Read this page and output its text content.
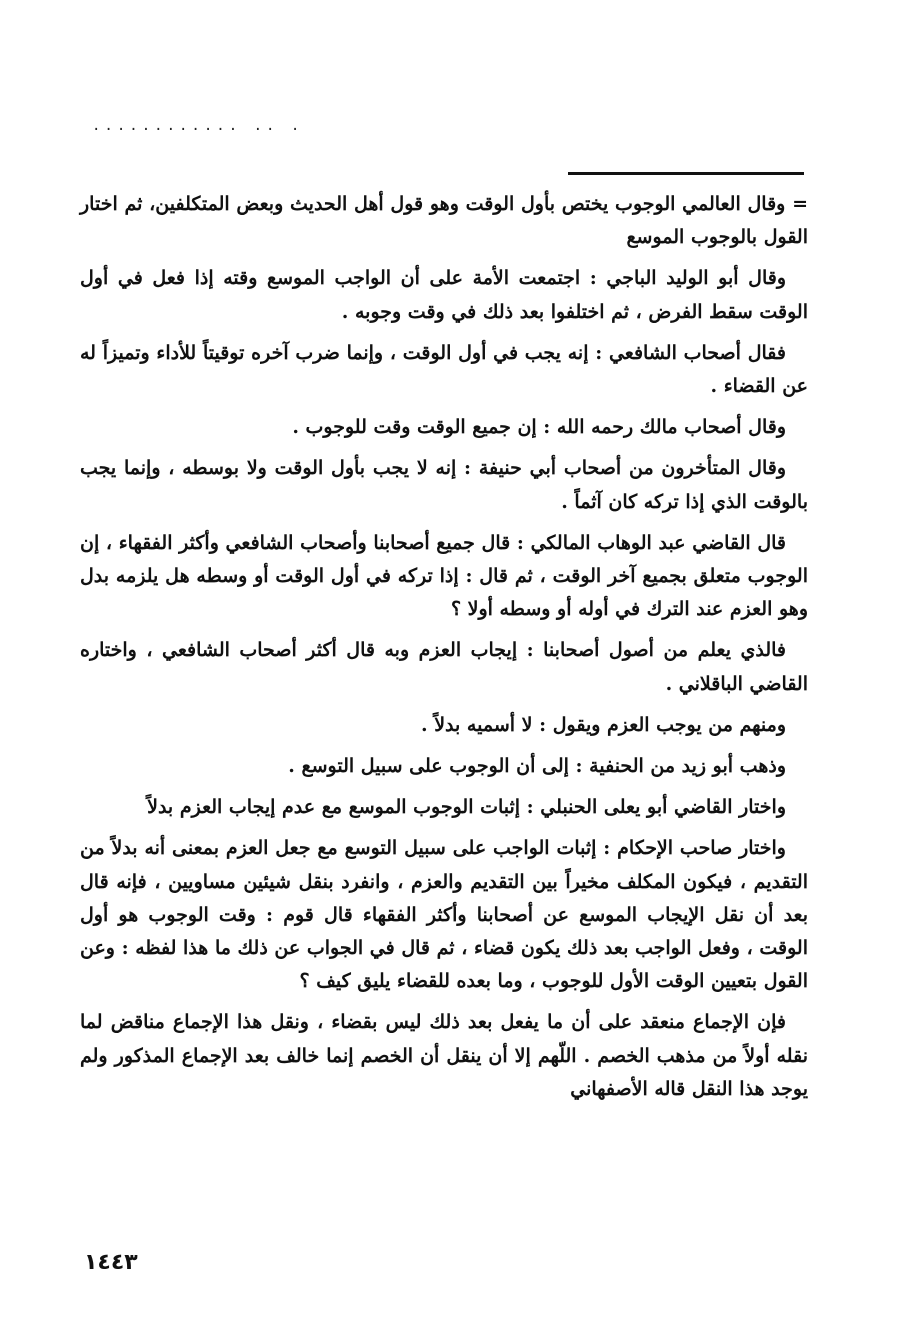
............ .. .

= وقال العالمي الوجوب يختص بأول الوقت وهو قول أهل الحديث وبعض المتكلفين، ثم اختار القول بالوجوب الموسع

وقال أبو الوليد الباجي : اجتمعت الأمة على أن الواجب الموسع وقته إذا فعل في أول الوقت سقط الفرض ، ثم اختلفوا بعد ذلك في وقت وجوبه .

فقال أصحاب الشافعي : إنه يجب في أول الوقت ، وإنما ضرب آخره توقيتاً للأداء وتميزاً له عن القضاء .

وقال أصحاب مالك رحمه الله : إن جميع الوقت وقت للوجوب .

وقال المتأخرون من أصحاب أبي حنيفة : إنه لا يجب بأول الوقت ولا بوسطه ، وإنما يجب بالوقت الذي إذا تركه كان آثماً .

قال القاضي عبد الوهاب المالكي : قال جميع أصحابنا وأصحاب الشافعي وأكثر الفقهاء ، إن الوجوب متعلق بجميع آخر الوقت ، ثم قال : إذا تركه في أول الوقت أو وسطه هل يلزمه بدل وهو العزم عند الترك في أوله أو وسطه أولا ؟

فالذي يعلم من أصول أصحابنا : إيجاب العزم وبه قال أكثر أصحاب الشافعي ، واختاره القاضي الباقلاني .

ومنهم من يوجب العزم ويقول : لا أسميه بدلاً .

وذهب أبو زيد من الحنفية : إلى أن الوجوب على سبيل التوسع .

واختار القاضي أبو يعلى الحنبلي : إثبات الوجوب الموسع مع عدم إيجاب العزم بدلاً

واختار صاحب الإحكام : إثبات الواجب على سبيل التوسع مع جعل العزم بمعنى أنه بدلاً من التقديم ، فيكون المكلف مخيراً بين التقديم والعزم ، وانفرد بنقل شيئين مساويين ، فإنه قال بعد أن نقل الإيجاب الموسع عن أصحابنا وأكثر الفقهاء قال قوم : وقت الوجوب هو أول الوقت ، وفعل الواجب بعد ذلك يكون قضاء ، ثم قال في الجواب عن ذلك ما هذا لفظه : وعن القول بتعيين الوقت الأول للوجوب ، وما بعده للقضاء يليق كيف ؟

فإن الإجماع منعقد على أن ما يفعل بعد ذلك ليس بقضاء ، ونقل هذا الإجماع مناقض لما نقله أولاً من مذهب الخصم . اللّهم إلا أن ينقل أن الخصم إنما خالف بعد الإجماع المذكور ولم يوجد هذا النقل قاله الأصفهاني

١٤٤٣
